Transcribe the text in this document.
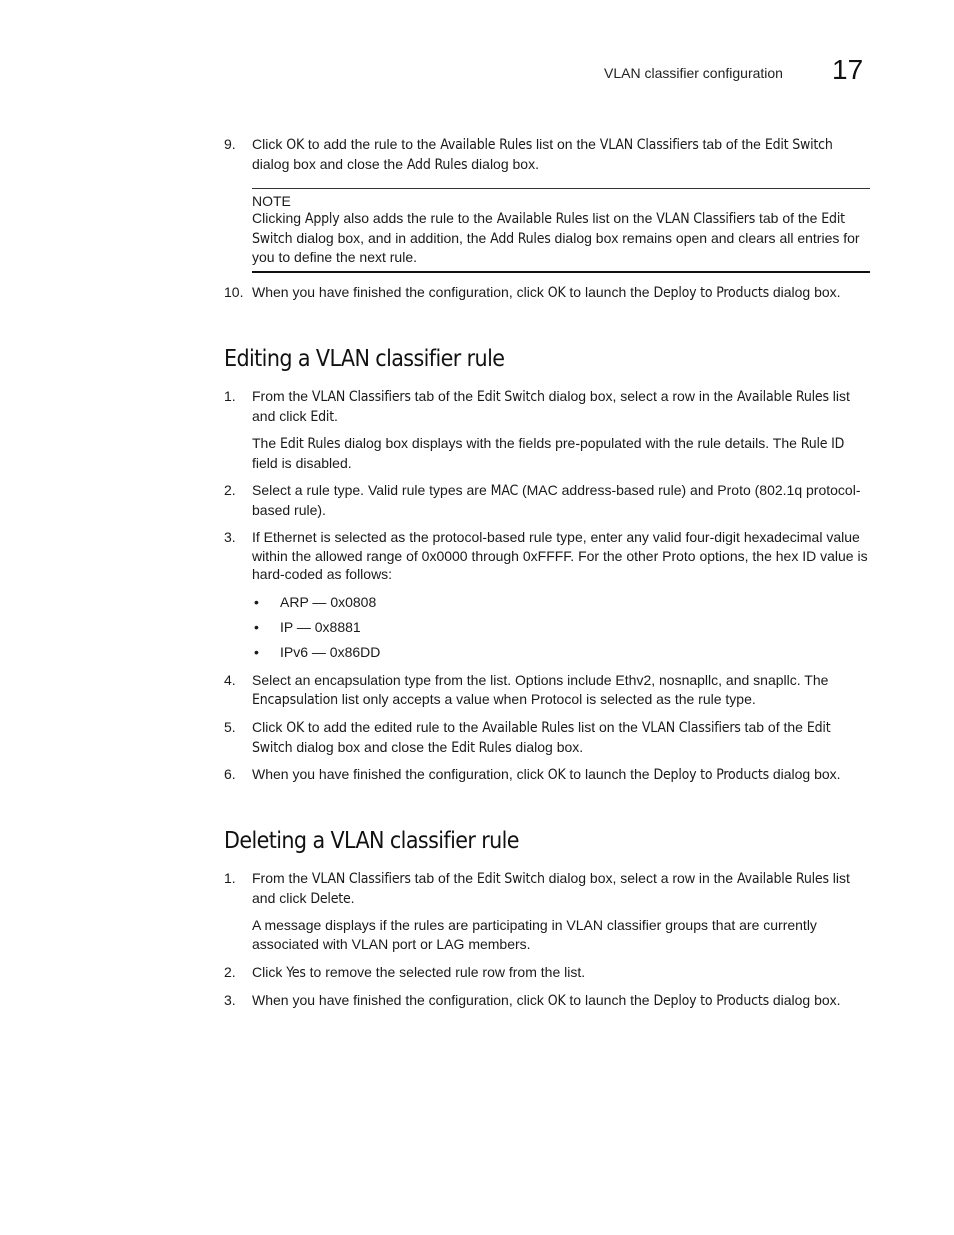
VLAN classifier configuration 17
9. Click OK to add the rule to the Available Rules list on the VLAN Classifiers tab of the Edit Switch dialog box and close the Add Rules dialog box.
NOTE
Clicking Apply also adds the rule to the Available Rules list on the VLAN Classifiers tab of the Edit Switch dialog box, and in addition, the Add Rules dialog box remains open and clears all entries for you to define the next rule.
10. When you have finished the configuration, click OK to launch the Deploy to Products dialog box.
Editing a VLAN classifier rule
1. From the VLAN Classifiers tab of the Edit Switch dialog box, select a row in the Available Rules list and click Edit.
The Edit Rules dialog box displays with the fields pre-populated with the rule details. The Rule ID field is disabled.
2. Select a rule type. Valid rule types are MAC (MAC address-based rule) and Proto (802.1q protocol-based rule).
3. If Ethernet is selected as the protocol-based rule type, enter any valid four-digit hexadecimal value within the allowed range of 0x0000 through 0xFFFF. For the other Proto options, the hex ID value is hard-coded as follows:
• ARP — 0x0808
• IP — 0x8881
• IPv6 — 0x86DD
4. Select an encapsulation type from the list. Options include Ethv2, nosnapllc, and snapllc. The Encapsulation list only accepts a value when Protocol is selected as the rule type.
5. Click OK to add the edited rule to the Available Rules list on the VLAN Classifiers tab of the Edit Switch dialog box and close the Edit Rules dialog box.
6. When you have finished the configuration, click OK to launch the Deploy to Products dialog box.
Deleting a VLAN classifier rule
1. From the VLAN Classifiers tab of the Edit Switch dialog box, select a row in the Available Rules list and click Delete.
A message displays if the rules are participating in VLAN classifier groups that are currently associated with VLAN port or LAG members.
2. Click Yes to remove the selected rule row from the list.
3. When you have finished the configuration, click OK to launch the Deploy to Products dialog box.
